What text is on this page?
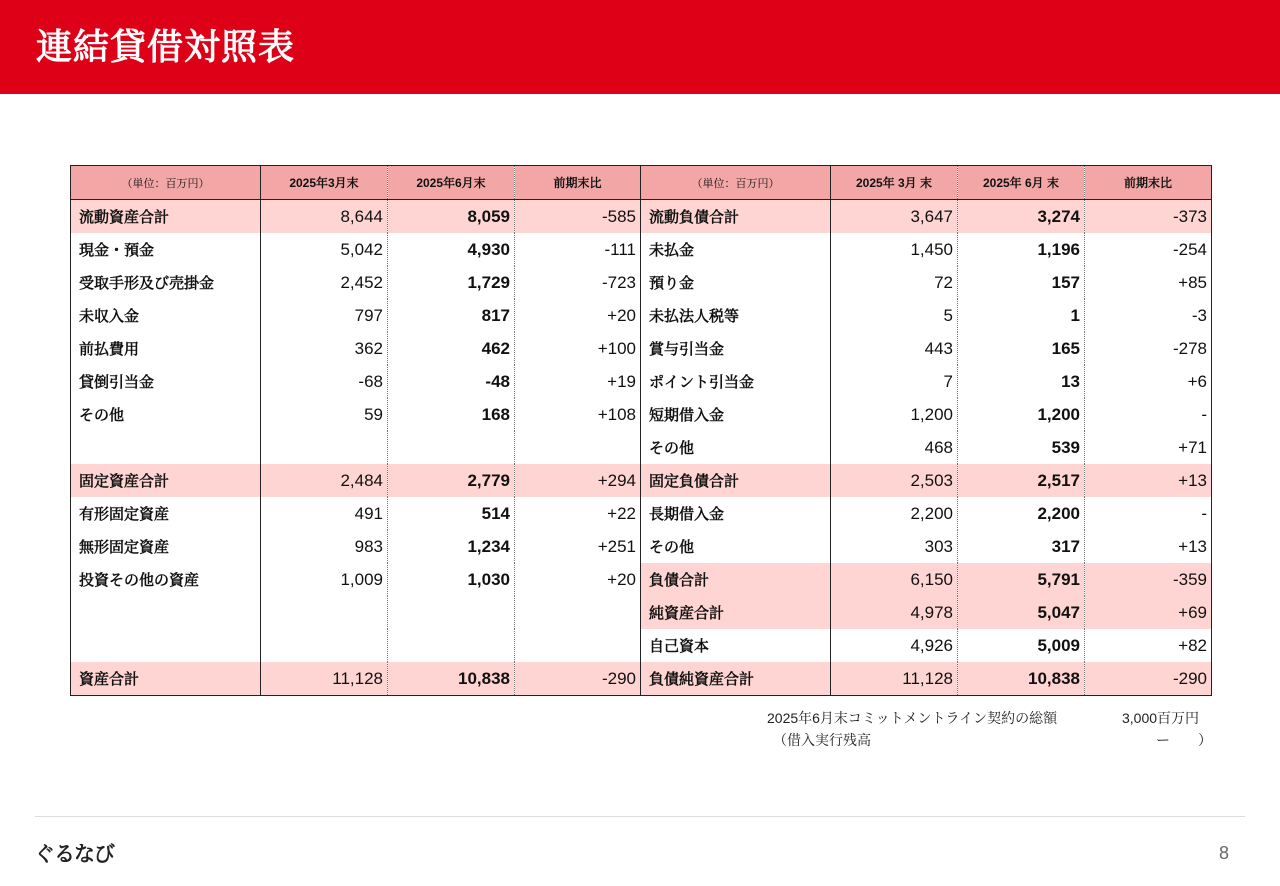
連結貸借対照表
（単位：百万円）	2025年3月末	2025年6月末	前期末比	（単位：百万円）	2025年 3月 末	2025年 6月 末	前期末比
流動資産合計	8,644	8,059	-585	流動負債合計	3,647	3,274	-373
現金・預金	5,042	4,930	-111	未払金	1,450	1,196	-254
受取手形及び売掛金	2,452	1,729	-723	預り金	72	157	+85
未収入金	797	817	+20	未払法人税等	5	1	-3
前払費用	362	462	+100	賞与引当金	443	165	-278
貸倒引当金	-68	-48	+19	ポイント引当金	7	13	+6
その他	59	168	+108	短期借入金	1,200	1,200	-
				その他	468	539	+71
固定資産合計	2,484	2,779	+294	固定負債合計	2,503	2,517	+13
有形固定資産	491	514	+22	長期借入金	2,200	2,200	-
無形固定資産	983	1,234	+251	その他	303	317	+13
投資その他の資産	1,009	1,030	+20	負債合計	6,150	5,791	-359
				純資産合計	4,978	5,047	+69
				自己資本	4,926	5,009	+82
資産合計	11,128	10,838	-290	負債純資産合計	11,128	10,838	-290
2025年6月末コミットメントライン契約の総額	3,000百万円
（借入実行残高	ー　　）
ぐるなび	8
